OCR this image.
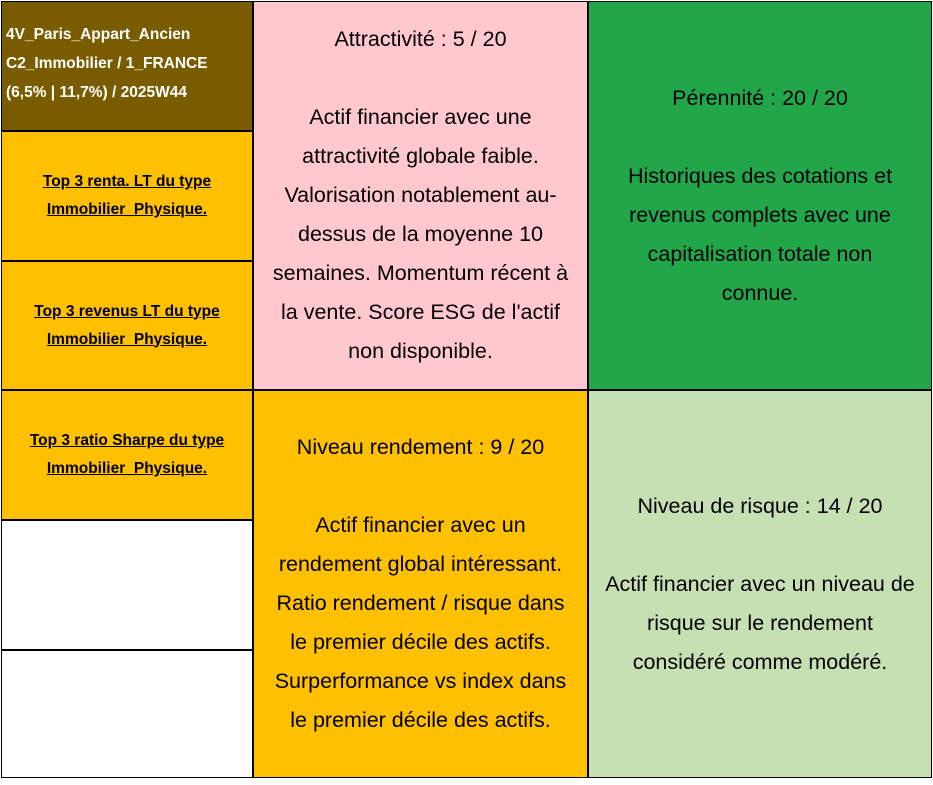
4V_Paris_Appart_Ancien
C2_Immobilier / 1_FRANCE
(6,5% | 11,7%) / 2025W44
Top 3 renta. LT du type
Immobilier_Physique.
Top 3 revenus LT du type
Immobilier_Physique.
Top 3 ratio Sharpe du type
Immobilier_Physique.
Attractivité : 5 / 20
Actif financier avec une
attractivité globale faible.
Valorisation notablement au-
dessus de la moyenne 10
semaines. Momentum récent à
la vente. Score ESG de l'actif
non disponible.
Pérennité : 20 / 20
Historiques des cotations et
revenus complets avec une
capitalisation totale non
connue.
Niveau rendement : 9 / 20
Actif financier avec un
rendement global intéressant.
Ratio rendement / risque dans
le premier décile des actifs.
Surperformance vs index dans
le premier décile des actifs.
Niveau de risque : 14 / 20
Actif financier avec un niveau de
risque sur le rendement
considéré comme modéré.
